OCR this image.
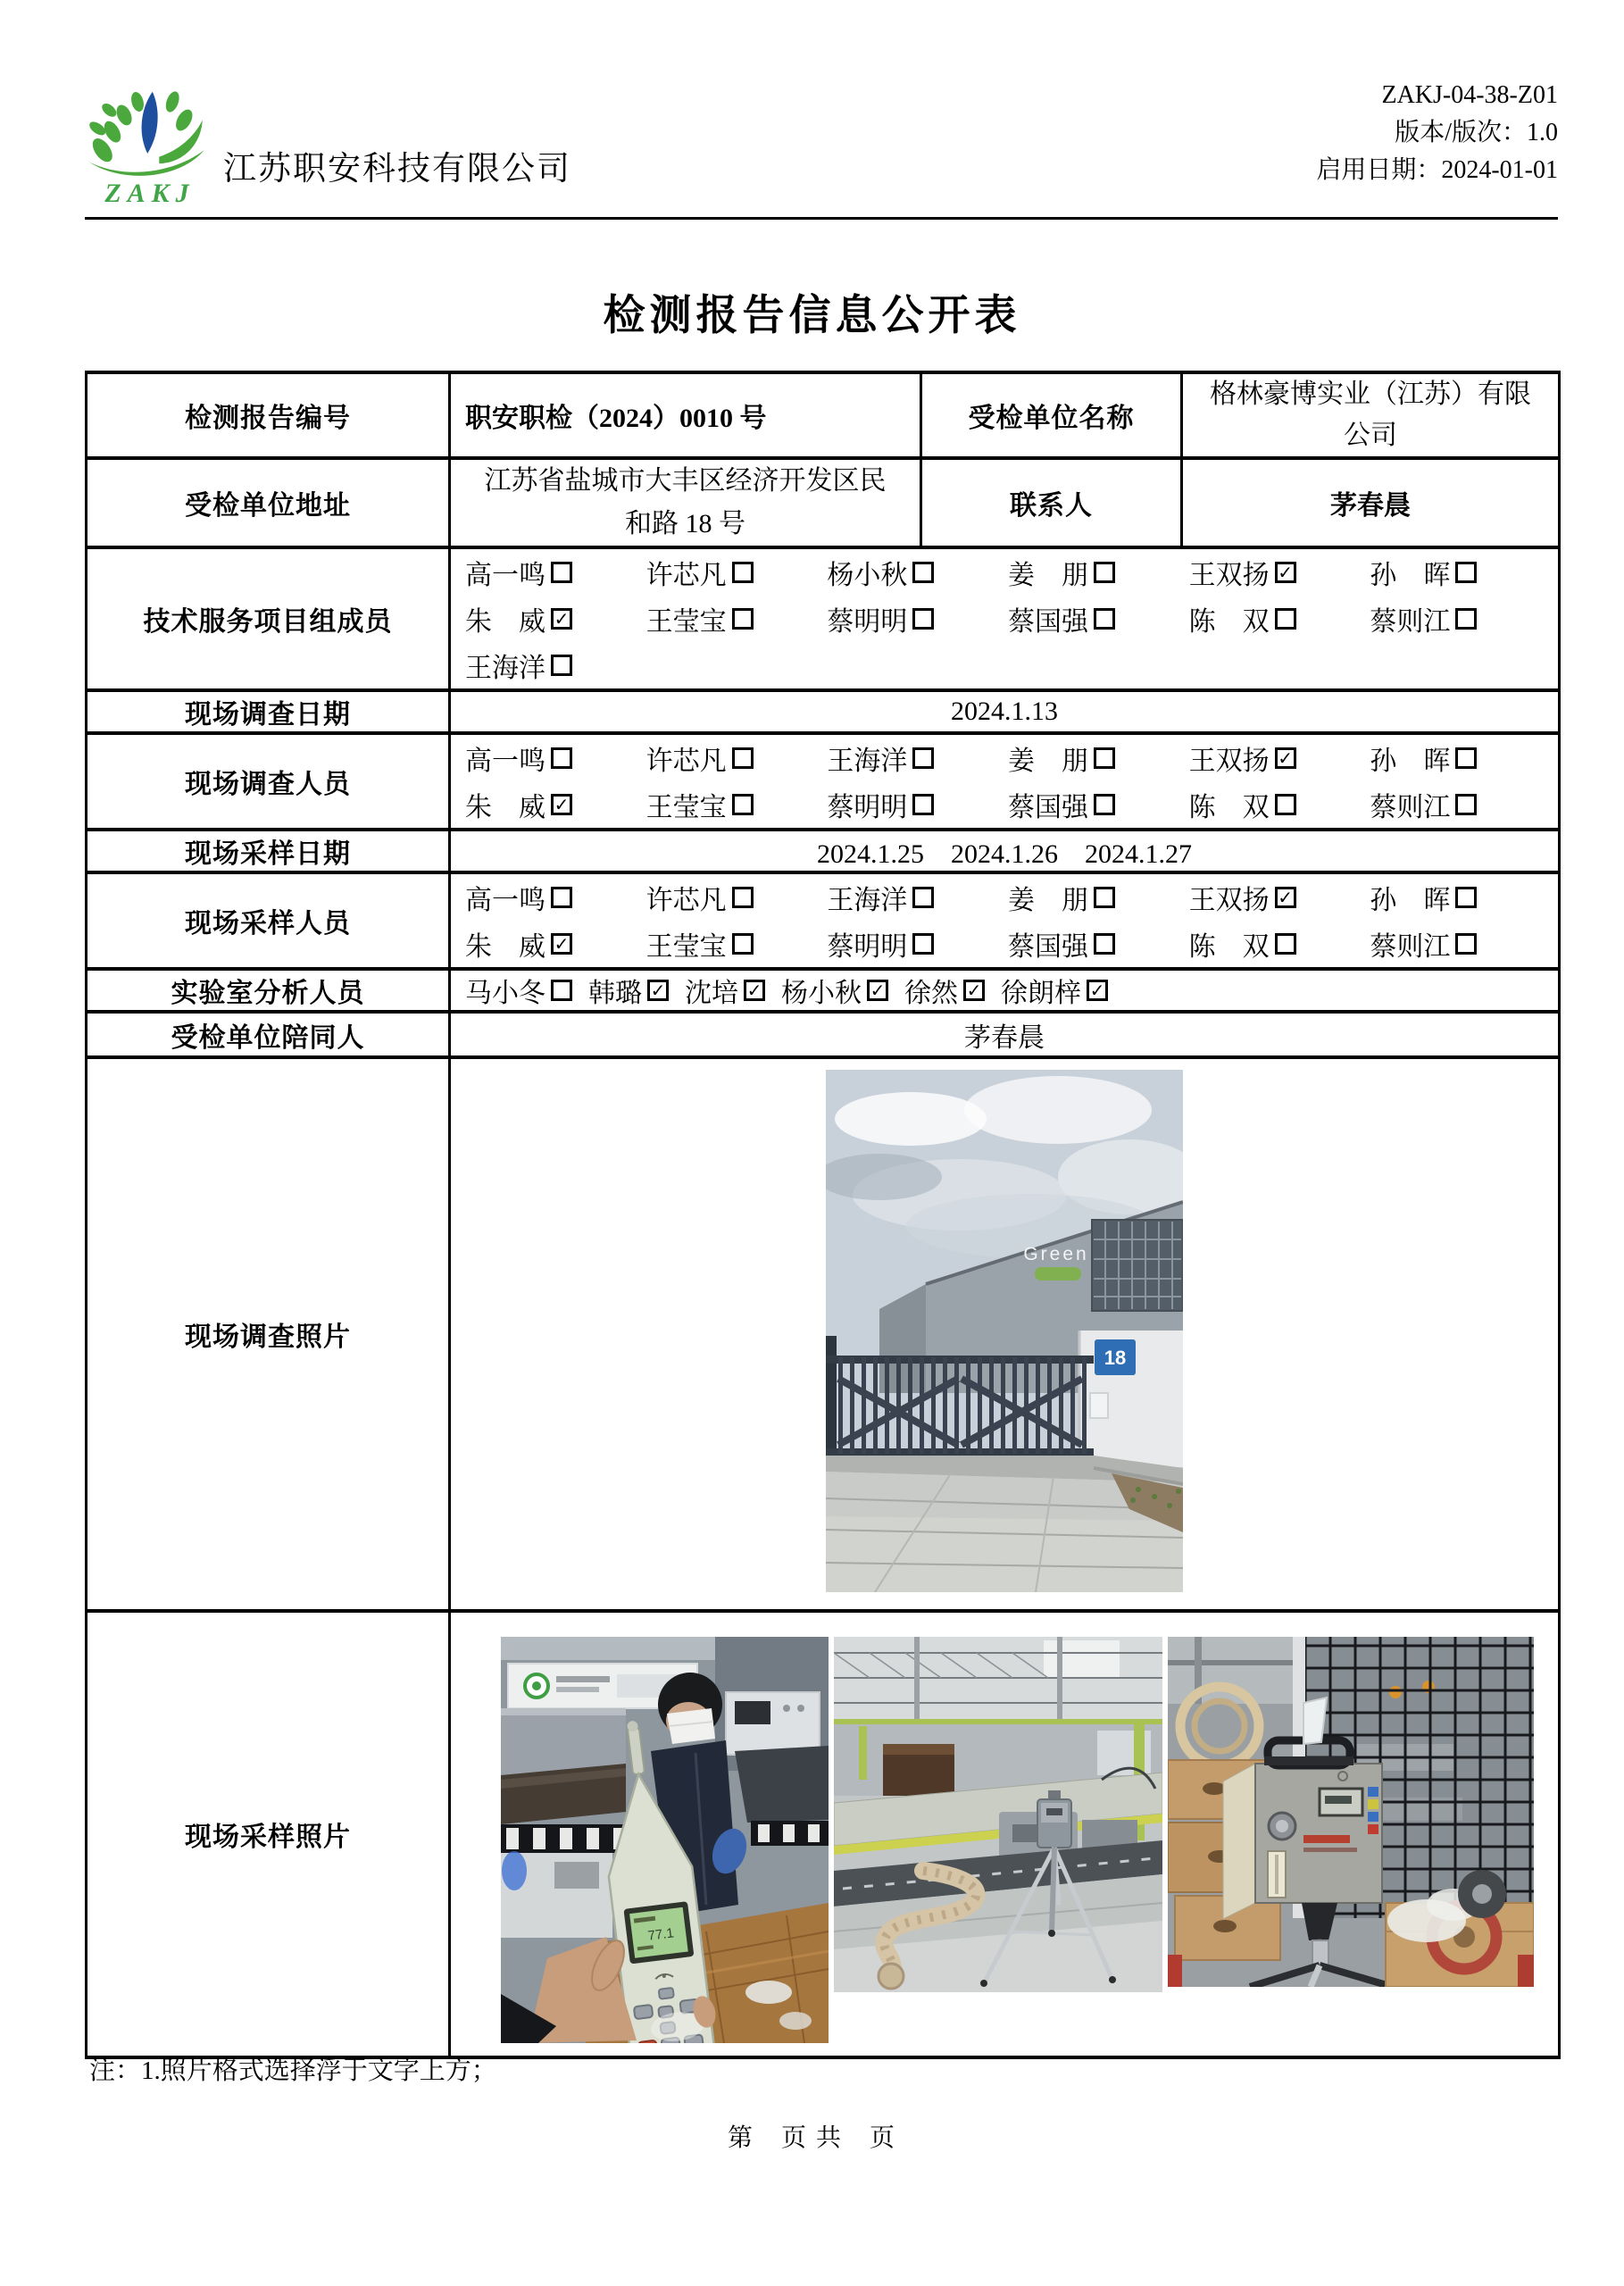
ZAKJ
江苏职安科技有限公司
ZAKJ-04-38-Z01
版本/版次：1.0
启用日期：2024-01-01
检测报告信息公开表
检测报告编号	职安职检（2024）0010 号	受检单位名称	格林豪博实业（江苏）有限公司
受检单位地址	江苏省盐城市大丰区经济开发区民和路 18 号	联系人	茅春晨
技术服务项目组成员	
高一鸣	许芯凡	杨小秋	姜　朋	王双扬 ✓	孙　晖
朱　威 ✓	王莹宝	蔡明明	蔡国强	陈　双	蔡则江
王海洋

现场调查日期	2024.1.13		
现场调查人员	
高一鸣	许芯凡	王海洋	姜　朋	王双扬 ✓	孙　晖
朱　威 ✓	王莹宝	蔡明明	蔡国强	陈　双	蔡则江

现场采样日期	2024.1.25　2024.1.26　2024.1.27		
现场采样人员	
高一鸣	许芯凡	王海洋	姜　朋	王双扬 ✓	孙　晖
朱　威 ✓	王莹宝	蔡明明	蔡国强	陈　双	蔡则江

实验室分析人员	马小冬 韩璐 ✓ 沈培 ✓ 杨小秋 ✓ 徐然 ✓ 徐朗梓 ✓

受检单位陪同人	茅春晨		
现场调查照片	Green
18		

现场采样照片	77.1		
注：1.照片格式选择浮于文字上方；
第　页 共　页
